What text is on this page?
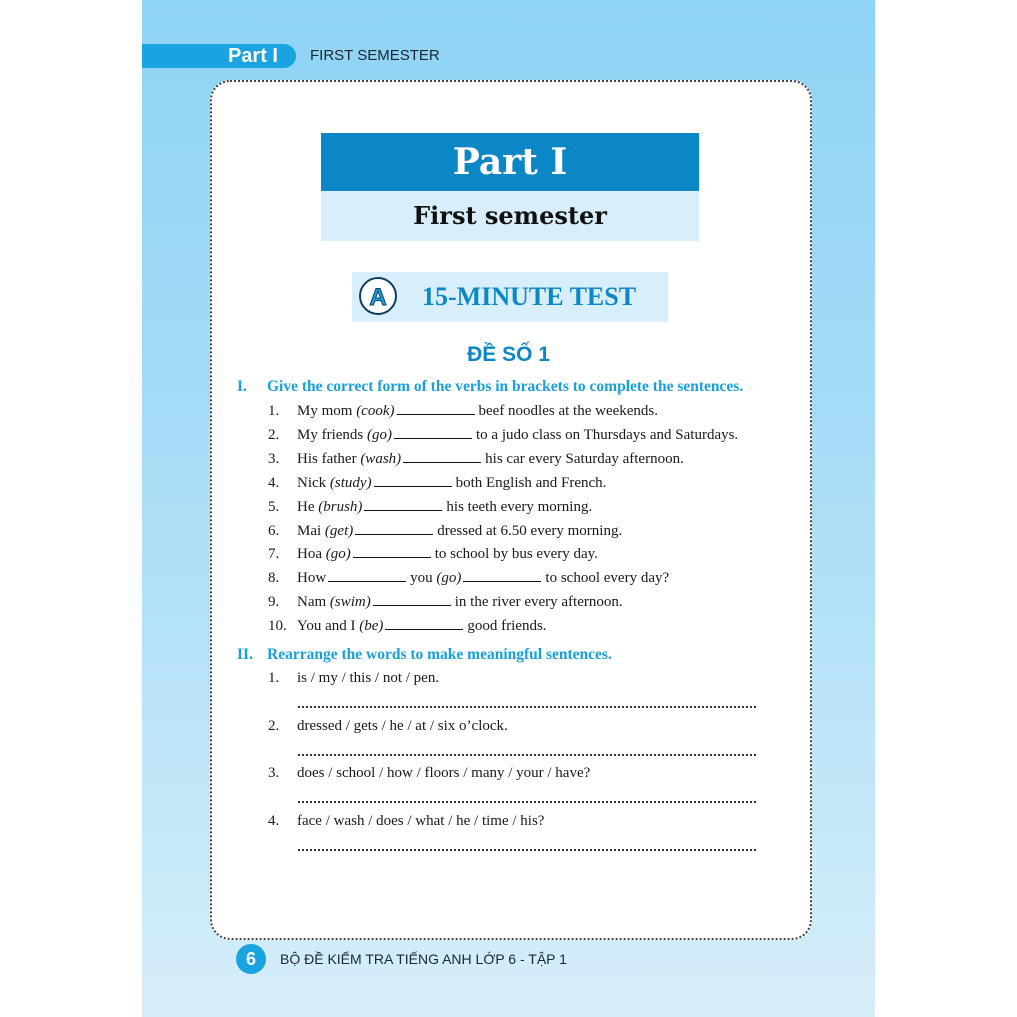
Part I FIRST SEMESTER
Part I
First semester
A 15-MINUTE TEST
ĐỀ SỐ 1
I. Give the correct form of the verbs in brackets to complete the sentences.
1. My mom (cook)	beef noodles at the weekends.
2. My friends (go)	to a judo class on Thursdays and Saturdays.
3. His father (wash)	his car every Saturday afternoon.
4. Nick (study)	both English and French.
5. He (brush)	his teeth every morning.
6. Mai (get)	dressed at 6.50 every morning.
7. Hoa (go)	to school by bus every day.
8. How	you (go)	to school every day?
9. Nam (swim)	in the river every afternoon.
10. You and I (be)	good friends.
II. Rearrange the words to make meaningful sentences.
1. is / my / this / not / pen.
2. dressed / gets / he / at / six o’clock.
3. does / school / how / floors / many / your / have?
4. face / wash / does / what / he / time / his?
6	BỘ ĐỀ KIỂM TRA TIẾNG ANH LỚP 6 - TẬP 1
